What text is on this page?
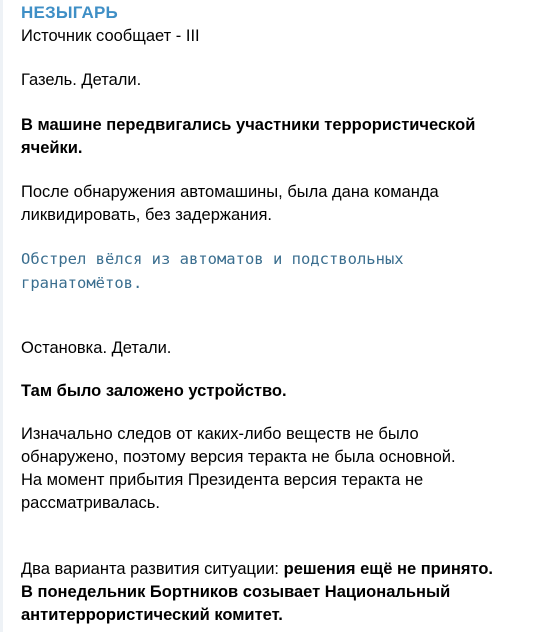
НЕЗЫГАРЬ
Источник сообщает - III
Газель. Детали.
В машине передвигались участники террористической
ячейки.
После обнаружения автомашины, была дана команда
ликвидировать, без задержания.
Обстрел вёлся из автоматов и подствольных
гранатомётов.
Остановка. Детали.
Там было заложено устройство.
Изначально следов от каких-либо веществ не было
обнаружено, поэтому версия теракта не была основной.
На момент прибытия Президента версия теракта не
рассматривалась.
Два варианта развития ситуации: решения ещё не принято.
В понедельник Бортников созывает Национальный
антитеррористический комитет.
